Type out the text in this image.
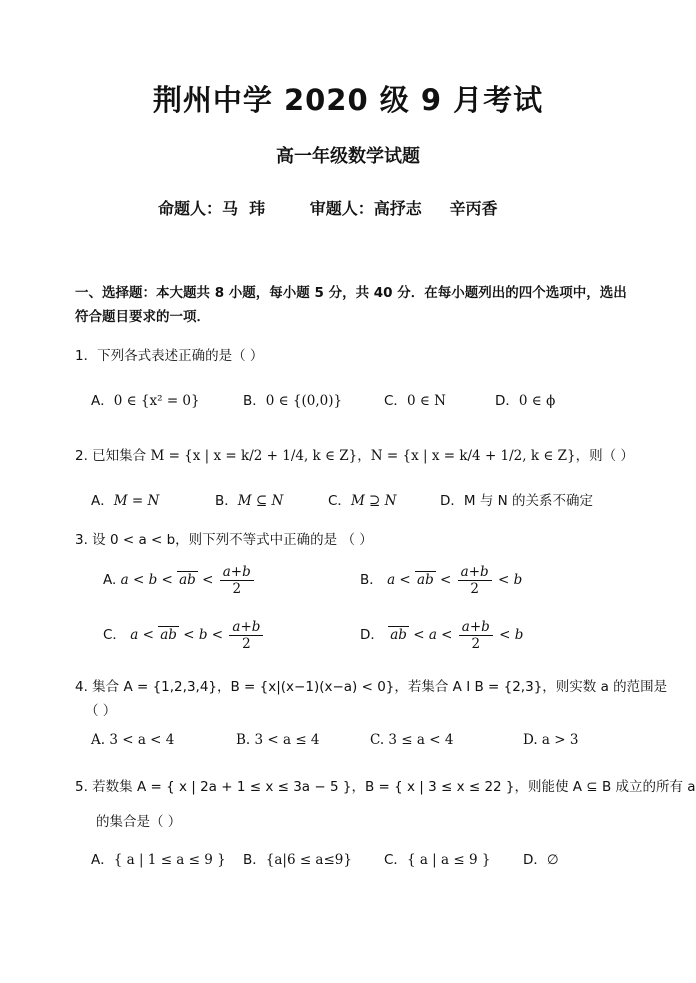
荆州中学 2020 级 9 月考试
高一年级数学试题
命题人：马  玮        审题人：高抒志     辛丙香
一、选择题：本大题共 8 小题，每小题 5 分，共 40 分．在每小题列出的四个选项中，选出符合题目要求的一项．
1．下列各式表述正确的是（ ）
A．0 ∈ {x² = 0}	B．0 ∈ {(0,0)}	C．0 ∈ N	D．0 ∈ ϕ
2. 已知集合 M = {x | x = k/2 + 1/4, k ∈ Z}，N = {x | x = k/4 + 1/2, k ∈ Z}，则（ ）
A．M = N	B．M ⊆ N	C．M ⊇ N	D．M 与 N 的关系不确定
3. 设 0 < a < b，则下列不等式中正确的是 （ ）
A. a < b < ab < $\frac{a+b}{2}$	B． a < ab < $\frac{a+b}{2} < b$
C． a < ab < $b < \frac{a+b}{2}$	D． ab < $a < \frac{a+b}{2} < b$
4. 集合 A = {1,2,3,4}，B = {x|(x−1)(x−a) < 0}，若集合 A I B = {2,3}，则实数 a 的范围是
（ ）
A. 3 < a < 4	B. 3 < a ≤ 4	C. 3 ≤ a < 4	D. a > 3
5. 若数集 A = { x | 2a + 1 ≤ x ≤ 3a − 5 }，B = { x | 3 ≤ x ≤ 22 }，则能使 A ⊆ B 成立的所有 a
的集合是（ ）
A．{ a | 1 ≤ a ≤ 9 } B．{a|6 ≤ a≤9} C．{ a | a ≤ 9 } D．∅
